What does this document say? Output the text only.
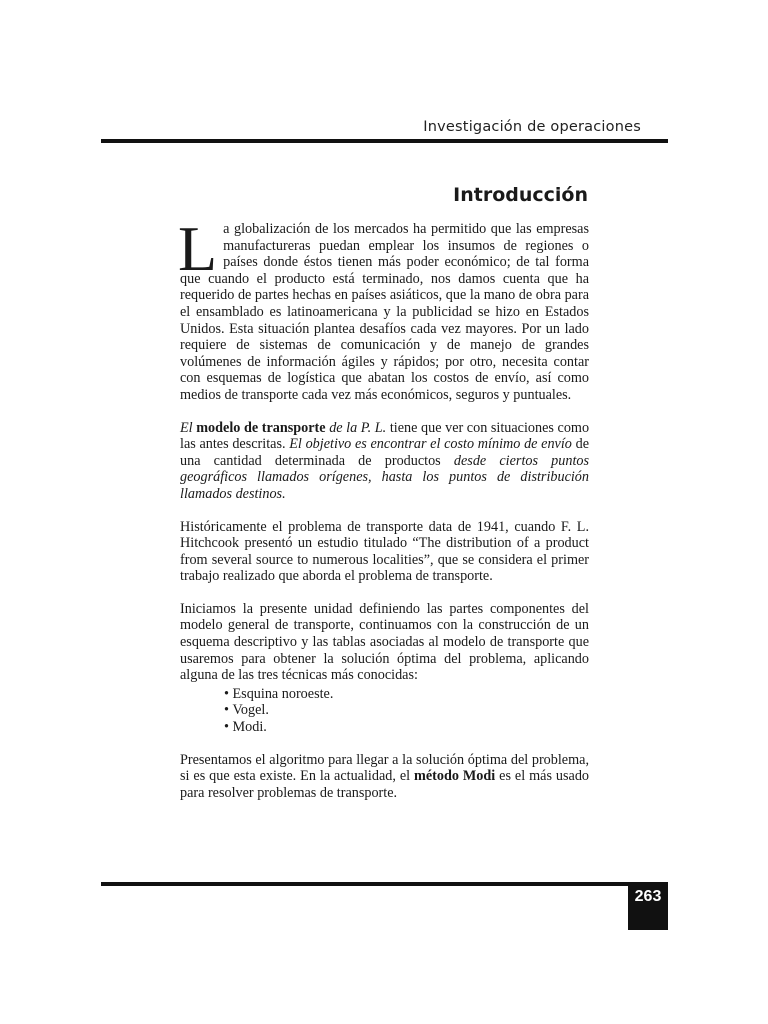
Investigación de operaciones
Introducción

La globalización de los mercados ha permitido que las empresas manufactureras puedan emplear los insumos de regiones o países donde éstos tienen más poder económico; de tal forma que cuando el producto está terminado, nos damos cuenta que ha requerido de partes hechas en países asiáticos, que la mano de obra para el ensamblado es latinoamericana y la publicidad se hizo en Estados Unidos. Esta situación plantea desafíos cada vez mayores. Por un lado requiere de sistemas de comunicación y de manejo de grandes volúmenes de información ágiles y rápidos; por otro, necesita contar con esquemas de logística que abatan los costos de envío, así como medios de transporte cada vez más económicos, seguros y puntuales.

El modelo de transporte de la P. L. tiene que ver con situaciones como las antes descritas. El objetivo es encontrar el costo mínimo de envío de una cantidad determinada de productos desde ciertos puntos geográficos llamados orígenes, hasta los puntos de distribución llamados destinos.

Históricamente el problema de transporte data de 1941, cuando F. L. Hitchcook presentó un estudio titulado “The distribution of a product from several source to numerous localities”, que se considera el primer trabajo realizado que aborda el problema de transporte.

Iniciamos la presente unidad definiendo las partes componentes del modelo general de transporte, continuamos con la construcción de un esquema descriptivo y las tablas asociadas al modelo de transporte que usaremos para obtener la solución óptima del problema, aplicando alguna de las tres técnicas más conocidas:

• Esquina noroeste.
• Vogel.
• Modi.

Presentamos el algoritmo para llegar a la solución óptima del problema, si es que esta existe. En la actualidad, el método Modi es el más usado para resolver problemas de transporte.

263
